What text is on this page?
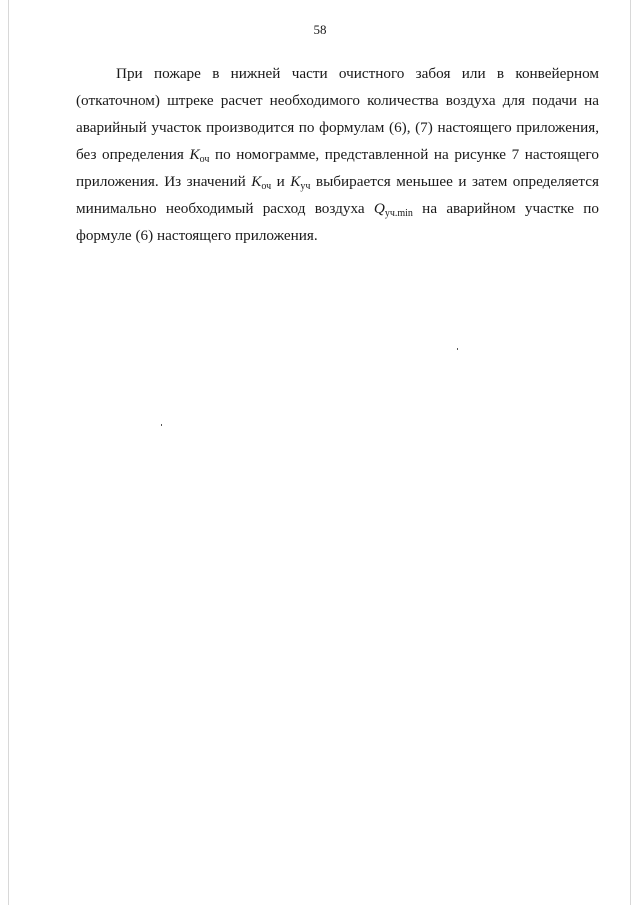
58
При пожаре в нижней части очистного забоя или в конвейерном
(откаточном) штреке расчет необходимого количества воздуха для подачи на
аварийный участок производится по формулам (6), (7) настоящего приложения,
без определения $K_{оч}$ по номограмме, представленной на рисунке 7 настоящего
приложения. Из значений $K_{оч}$ и $K_{уч}$ выбирается меньшее и затем определяется
минимально необходимый расход воздуха $Q_{уч.min}$ на аварийном участке по
формуле (6) настоящего приложения.
